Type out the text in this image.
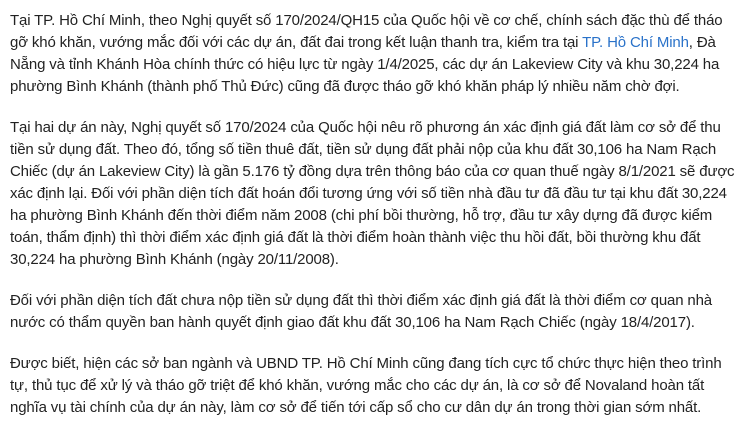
Tại TP. Hồ Chí Minh, theo Nghị quyết số 170/2024/QH15 của Quốc hội về cơ chế, chính sách đặc thù để tháo gỡ khó khăn, vướng mắc đối với các dự án, đất đai trong kết luận thanh tra, kiểm tra tại TP. Hồ Chí Minh, Đà Nẵng và tỉnh Khánh Hòa chính thức có hiệu lực từ ngày 1/4/2025, các dự án Lakeview City và khu 30,224 ha phường Bình Khánh (thành phố Thủ Đức) cũng đã được tháo gỡ khó khăn pháp lý nhiều năm chờ đợi.

Tại hai dự án này, Nghị quyết số 170/2024 của Quốc hội nêu rõ phương án xác định giá đất làm cơ sở để thu tiền sử dụng đất. Theo đó, tổng số tiền thuê đất, tiền sử dụng đất phải nộp của khu đất 30,106 ha Nam Rạch Chiếc (dự án Lakeview City) là gần 5.176 tỷ đồng dựa trên thông báo của cơ quan thuế ngày 8/1/2021 sẽ được xác định lại. Đối với phần diện tích đất hoán đổi tương ứng với số tiền nhà đầu tư đã đầu tư tại khu đất 30,224 ha phường Bình Khánh đến thời điểm năm 2008 (chi phí bồi thường, hỗ trợ, đầu tư xây dựng đã được kiểm toán, thẩm định) thì thời điểm xác định giá đất là thời điểm hoàn thành việc thu hồi đất, bồi thường khu đất 30,224 ha phường Bình Khánh (ngày 20/11/2008).

Đối với phần diện tích đất chưa nộp tiền sử dụng đất thì thời điểm xác định giá đất là thời điểm cơ quan nhà nước có thẩm quyền ban hành quyết định giao đất khu đất 30,106 ha Nam Rạch Chiếc (ngày 18/4/2017).

Được biết, hiện các sở ban ngành và UBND TP. Hồ Chí Minh cũng đang tích cực tổ chức thực hiện theo trình tự, thủ tục để xử lý và tháo gỡ triệt để khó khăn, vướng mắc cho các dự án, là cơ sở để Novaland hoàn tất nghĩa vụ tài chính của dự án này, làm cơ sở để tiến tới cấp sổ cho cư dân dự án trong thời gian sớm nhất.
